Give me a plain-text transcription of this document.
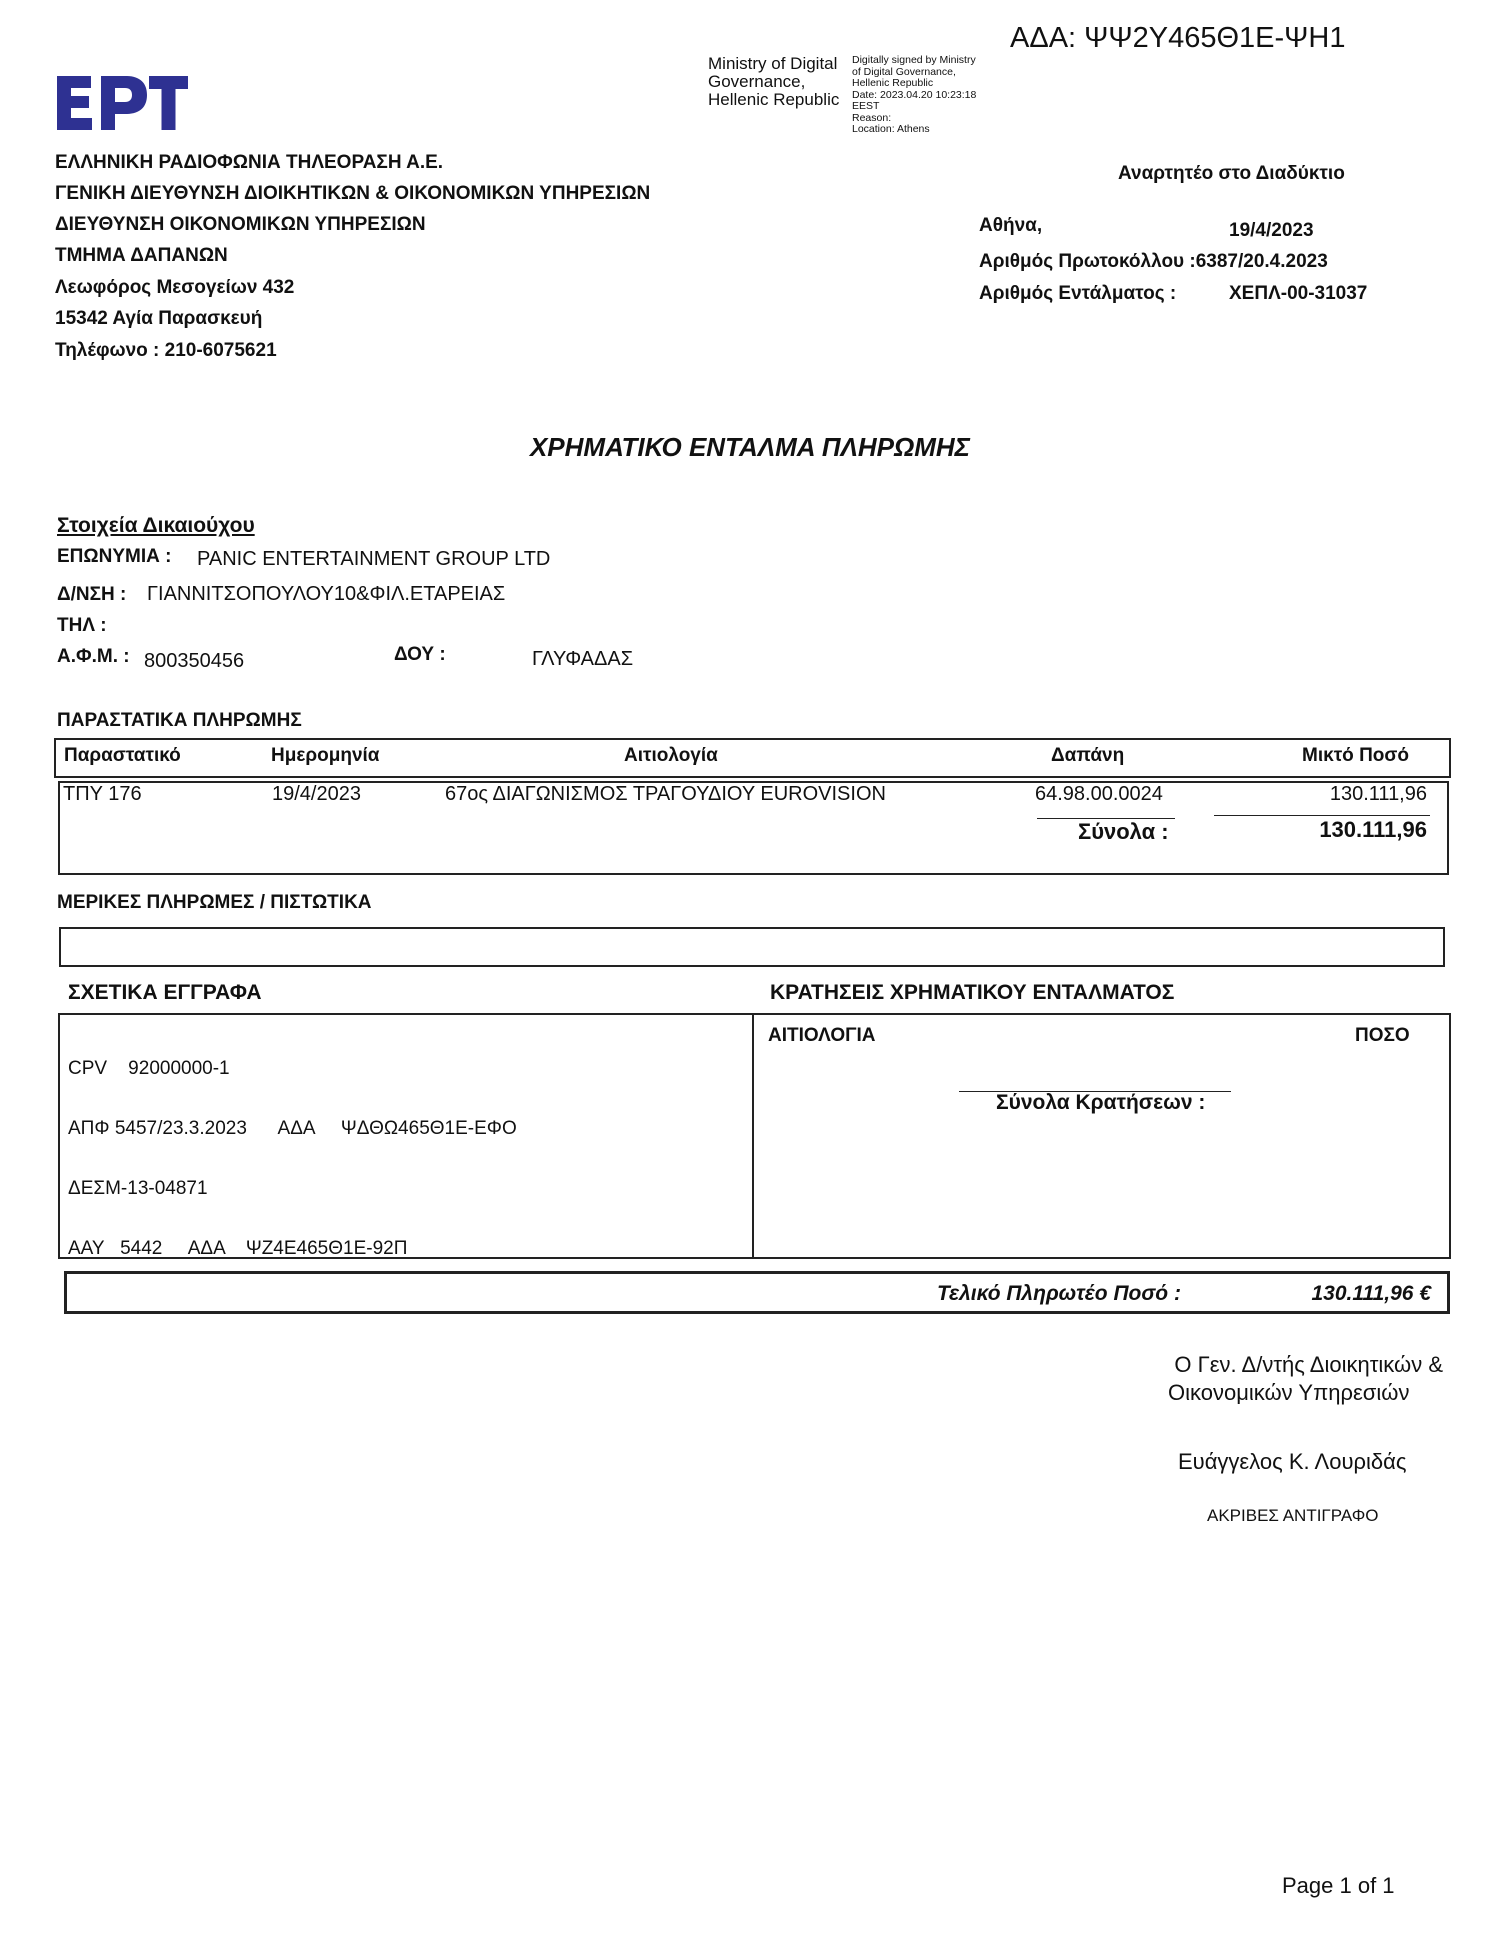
ΑΔΑ: ΨΨ2Υ465Θ1Ε-ΨΗ1
Ministry of Digital
Governance,
Hellenic Republic
Digitally signed by Ministry
of Digital Governance,
Hellenic Republic
Date: 2023.04.20 10:23:18
EEST
Reason:
Location: Athens
ΕΛΛΗΝΙΚΗ ΡΑΔΙΟΦΩΝΙΑ ΤΗΛΕΟΡΑΣΗ Α.Ε.
ΓΕΝΙΚΗ ΔΙΕΥΘΥΝΣΗ ΔΙΟΙΚΗΤΙΚΩΝ & ΟΙΚΟΝΟΜΙΚΩΝ ΥΠΗΡΕΣΙΩΝ
ΔΙΕΥΘΥΝΣΗ ΟΙΚΟΝΟΜΙΚΩΝ ΥΠΗΡΕΣΙΩΝ
ΤΜΗΜΑ ΔΑΠΑΝΩΝ
Λεωφόρος Μεσογείων 432
15342 Αγία Παρασκευή
Τηλέφωνο : 210-6075621
Αναρτητέο στο Διαδύκτιο
Αθήνα,	19/4/2023
Αριθμός Πρωτοκόλλου :6387/20.4.2023
Αριθμός Εντάλματος :	ΧΕΠΛ-00-31037
ΧΡΗΜΑΤΙΚΟ ΕΝΤΑΛΜΑ ΠΛΗΡΩΜΗΣ
Στοιχεία Δικαιούχου
ΕΠΩΝΥΜΙΑ : PANIC ENTERTAINMENT GROUP LTD
Δ/ΝΣΗ : ΓΙΑΝΝΙΤΣΟΠΟΥΛΟΥ10&ΦΙΛ.ΕΤΑΡΕΙΑΣ
ΤΗΛ :
Α.Φ.Μ. : 800350456	ΔΟΥ :	ΓΛΥΦΑΔΑΣ
ΠΑΡΑΣΤΑΤΙΚΑ ΠΛΗΡΩΜΗΣ
Παραστατικό	Ημερομηνία	Αιτιολογία	Δαπάνη	Μικτό Ποσό
ΤΠΥ 176	19/4/2023	67ος ΔΙΑΓΩΝΙΣΜΟΣ ΤΡΑΓΟΥΔΙΟΥ EUROVISION	64.98.00.0024	130.111,96
Σύνολα :	130.111,96
ΜΕΡΙΚΕΣ ΠΛΗΡΩΜΕΣ / ΠΙΣΤΩΤΙΚΑ
ΣΧΕΤΙΚΑ ΕΓΓΡΑΦΑ

CPV    92000000-1

ΑΠΦ 5457/23.3.2023      ΑΔΑ     ΨΔΘΩ465Θ1Ε-ΕΦΟ

ΔΕΣΜ-13-04871

ΑΑΥ   5442     ΑΔΑ    ΨΖ4Ε465Θ1Ε-92Π

ΚΡΑΤΗΣΕΙΣ ΧΡΗΜΑΤΙΚΟΥ ΕΝΤΑΛΜΑΤΟΣ
ΑΙΤΙΟΛΟΓΙΑ	ΠΟΣΟ
Σύνολα Κρατήσεων :
Τελικό Πληρωτέο Ποσό :	130.111,96 €
Ο Γεν. Δ/ντής Διοικητικών &
Οικονομικών Υπηρεσιών
Ευάγγελος Κ. Λουριδάς
ΑΚΡΙΒΕΣ ΑΝΤΙΓΡΑΦΟ
Page 1 of 1
